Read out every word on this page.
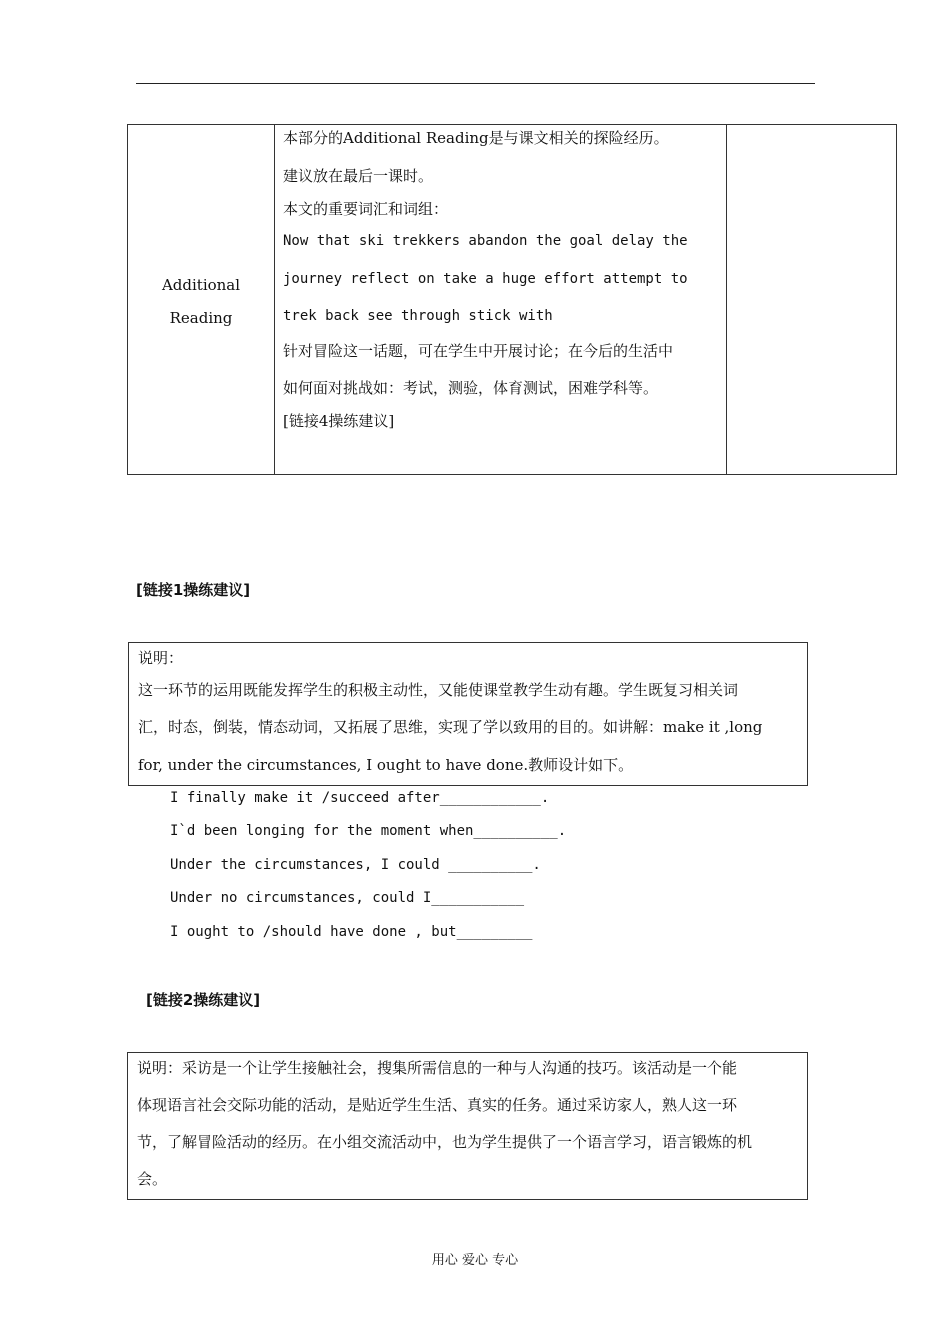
Additional
Reading
本部分的Additional Reading是与课文相关的探险经历。
建议放在最后一课时。
本文的重要词汇和词组：
Now that ski trekkers abandon the goal delay the
journey reflect on take a huge effort attempt to
trek back see through stick with
针对冒险这一话题，可在学生中开展讨论；在今后的生活中
如何面对挑战如：考试，测验，体育测试，困难学科等。
[链接4操练建议]
[链接1操练建议]
说明：
这一环节的运用既能发挥学生的积极主动性，又能使课堂教学生动有趣。学生既复习相关词
汇，时态，倒装，情态动词，又拓展了思维，实现了学以致用的目的。如讲解：make it ,long
for, under the circumstances, I ought to have done.教师设计如下。
I finally make it /succeed after____________.
I`d been longing for the moment when__________.
Under the circumstances, I could __________.
Under no circumstances, could I___________
I ought to /should have done , but_________
[链接2操练建议]
说明：采访是一个让学生接触社会，搜集所需信息的一种与人沟通的技巧。该活动是一个能
体现语言社会交际功能的活动，是贴近学生生活、真实的任务。通过采访家人，熟人这一环
节，了解冒险活动的经历。在小组交流活动中，也为学生提供了一个语言学习，语言锻炼的机
会。
用心 爱心 专心
